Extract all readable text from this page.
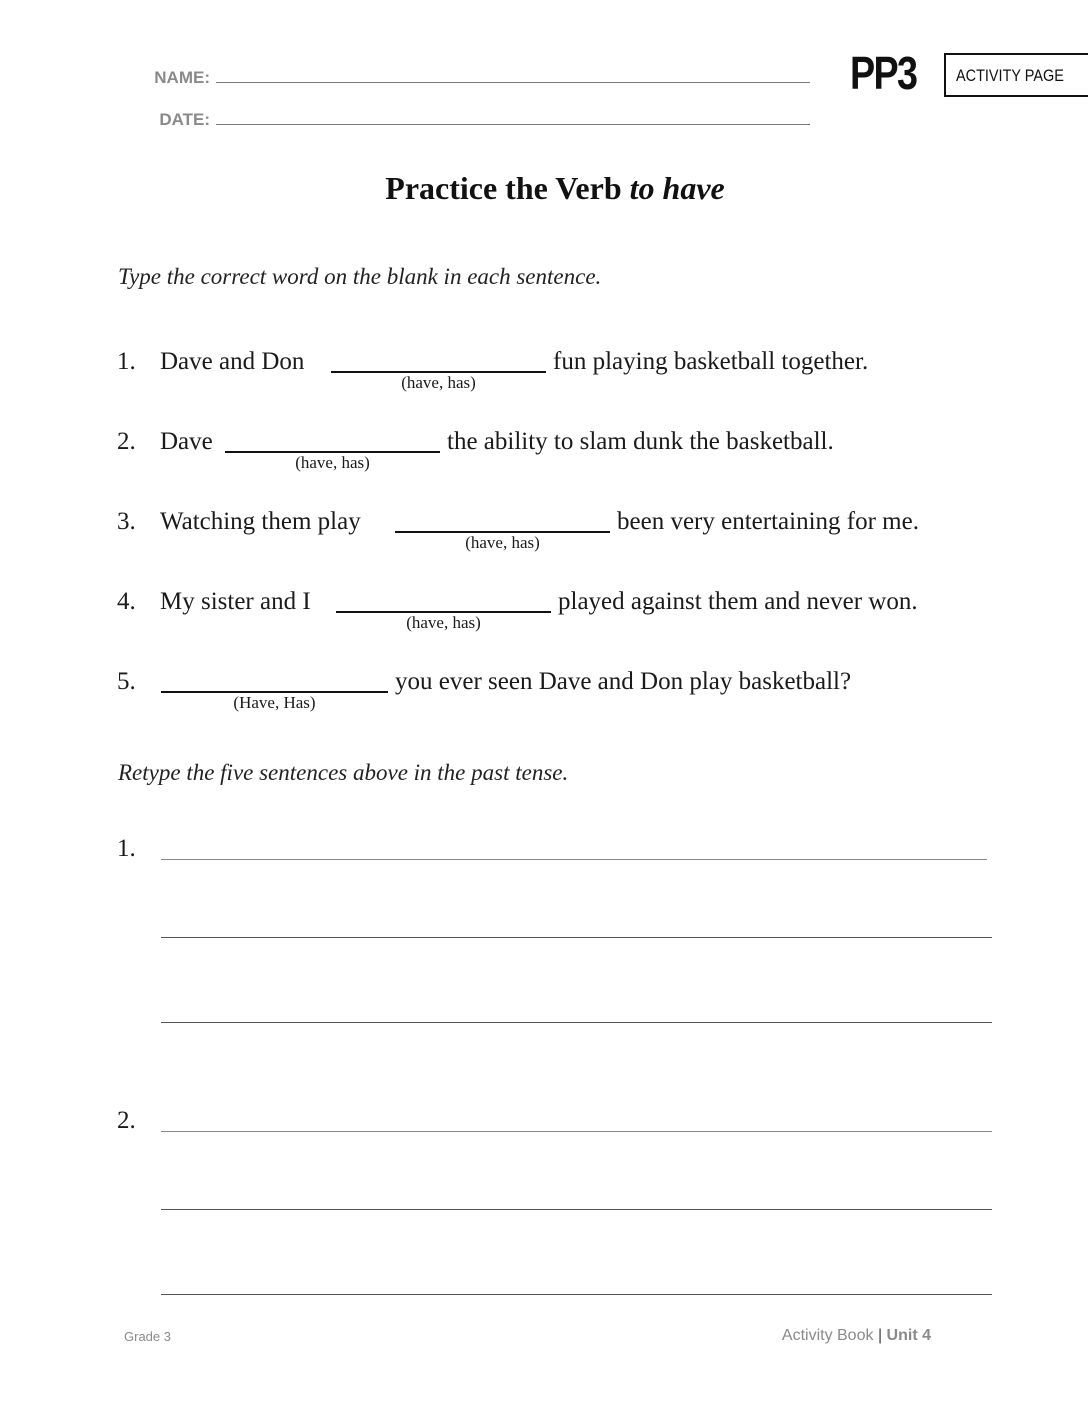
NAME:
DATE:
PP3 ACTIVITY PAGE
Practice the Verb to have
Type the correct word on the blank in each sentence.
1. Dave and Don
(have, has)
fun playing basketball together.
2. Dave
(have, has)
the ability to slam dunk the basketball.
3. Watching them play
(have, has)
been very entertaining for me.
4. My sister and I
(have, has)
played against them and never won.
5.
(Have, Has)
you ever seen Dave and Don play basketball?
Retype the five sentences above in the past tense.
1.
2.
Grade 3	Activity Book | Unit 4
